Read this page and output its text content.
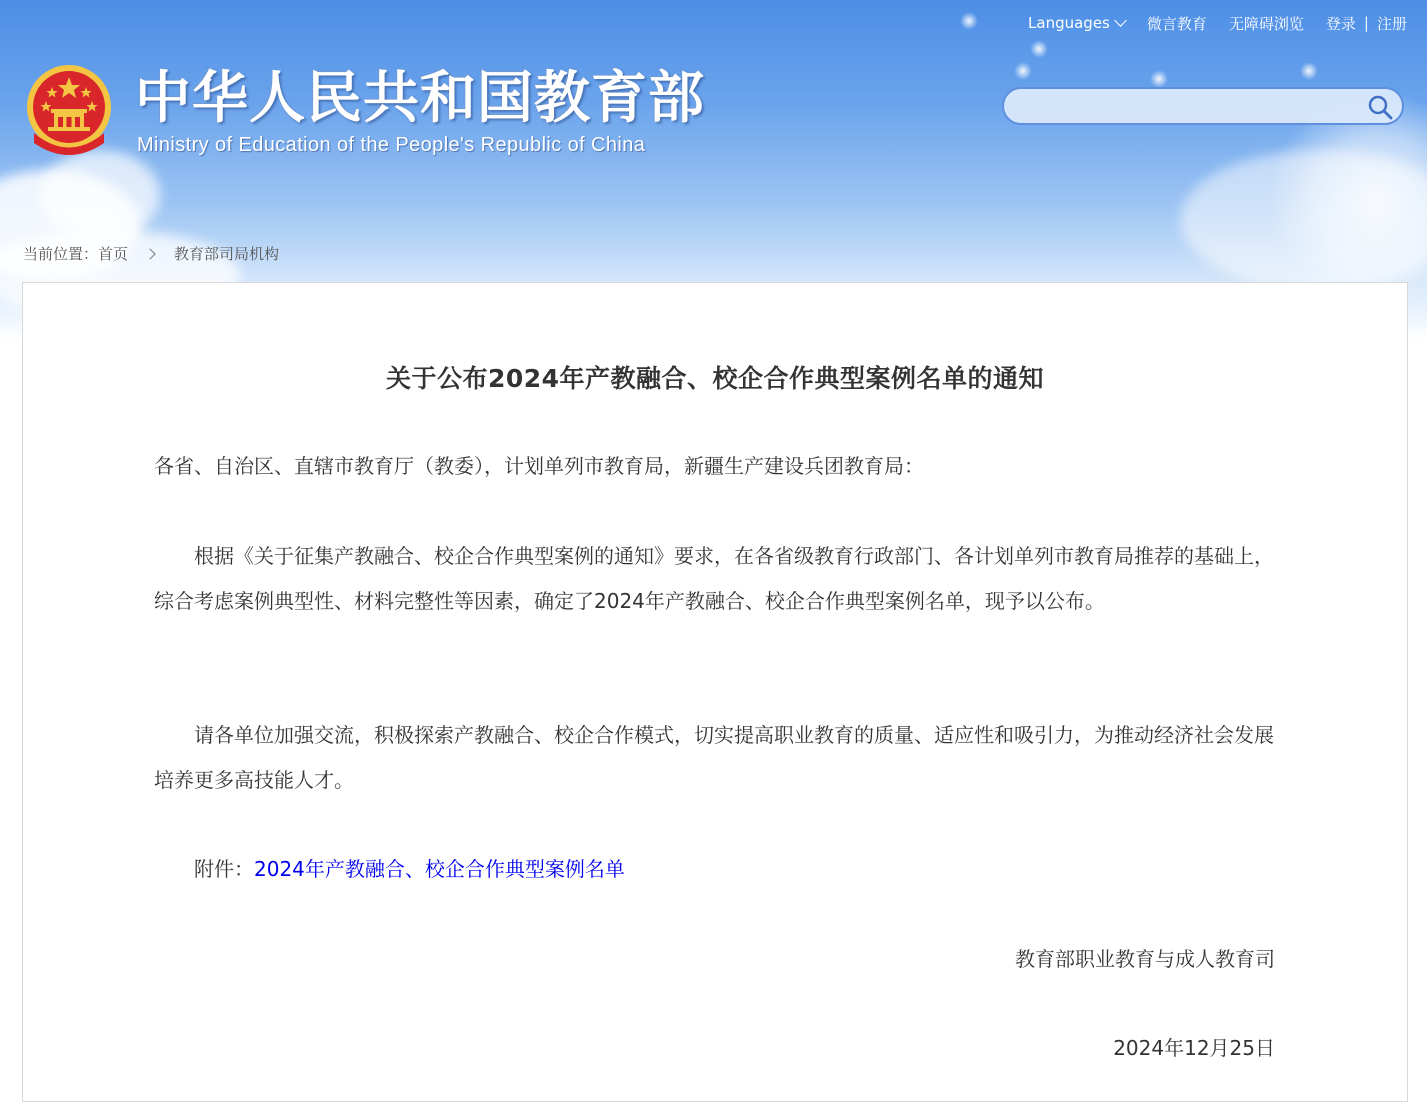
Languages 微言教育 无障碍浏览 登录 | 注册
中华人民共和国教育部
Ministry of Education of the People's Republic of China
当前位置： 首页	教育部司局机构
关于公布2024年产教融合、校企合作典型案例名单的通知

各省、自治区、直辖市教育厅（教委），计划单列市教育局，新疆生产建设兵团教育局：

根据《关于征集产教融合、校企合作典型案例的通知》要求，在各省级教育行政部门、各计划单列市教育局推荐的基础上，综合考虑案例典型性、材料完整性等因素，确定了2024年产教融合、校企合作典型案例名单，现予以公布。

请各单位加强交流，积极探索产教融合、校企合作模式，切实提高职业教育的质量、适应性和吸引力，为推动经济社会发展培养更多高技能人才。

附件：2024年产教融合、校企合作典型案例名单

教育部职业教育与成人教育司
2024年12月25日
